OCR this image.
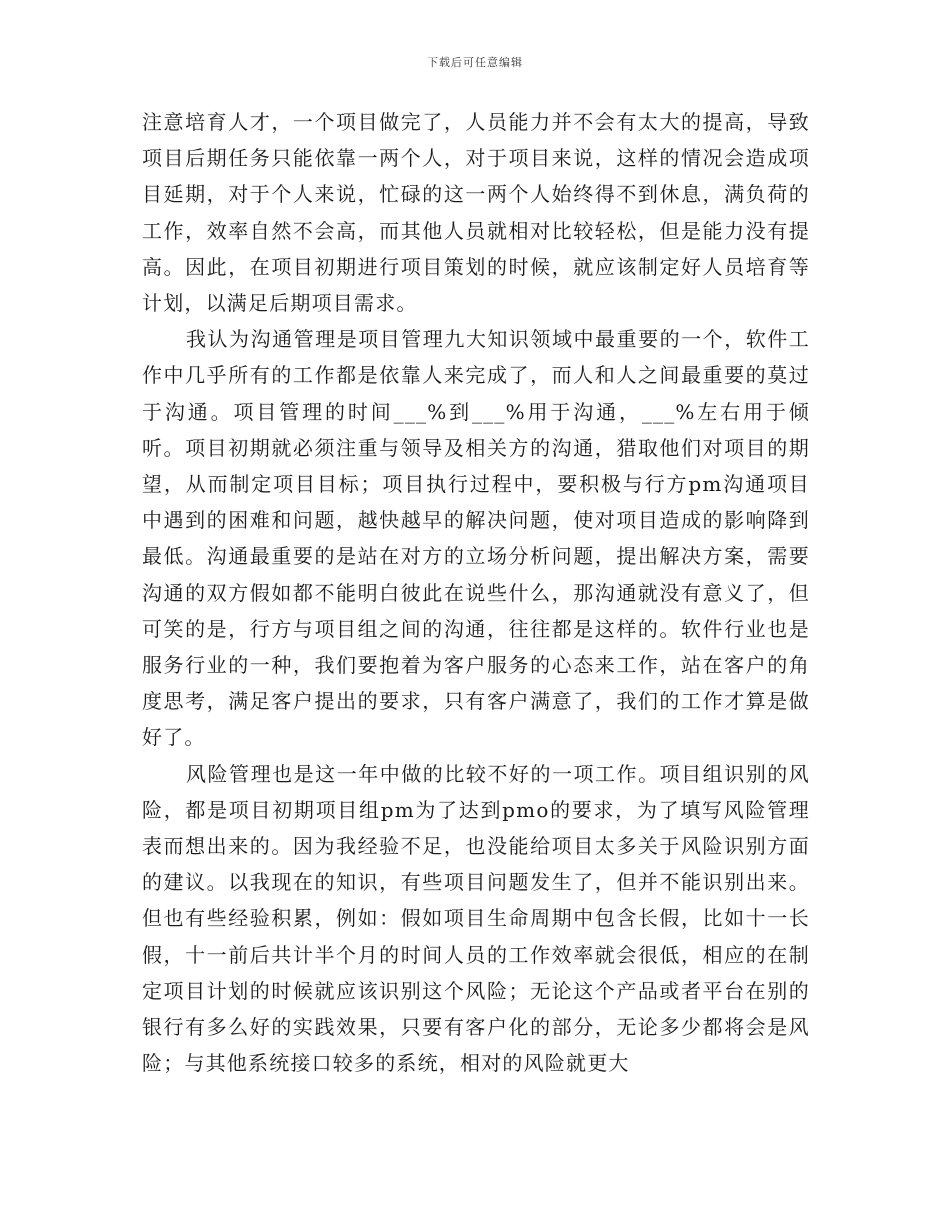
下载后可任意编辑

注意培育人才，一个项目做完了，人员能力并不会有太大的提高，导致项目后期任务只能依靠一两个人，对于项目来说，这样的情况会造成项目延期，对于个人来说，忙碌的这一两个人始终得不到休息，满负荷的工作，效率自然不会高，而其他人员就相对比较轻松，但是能力没有提高。因此，在项目初期进行项目策划的时候，就应该制定好人员培育等计划，以满足后期项目需求。

我认为沟通管理是项目管理九大知识领域中最重要的一个，软件工作中几乎所有的工作都是依靠人来完成了，而人和人之间最重要的莫过于沟通。项目管理的时间___%到___%用于沟通，___%左右用于倾听。项目初期就必须注重与领导及相关方的沟通，猎取他们对项目的期望，从而制定项目目标；项目执行过程中，要积极与行方pm沟通项目中遇到的困难和问题，越快越早的解决问题，使对项目造成的影响降到最低。沟通最重要的是站在对方的立场分析问题，提出解决方案，需要沟通的双方假如都不能明白彼此在说些什么，那沟通就没有意义了，但可笑的是，行方与项目组之间的沟通，往往都是这样的。软件行业也是服务行业的一种，我们要抱着为客户服务的心态来工作，站在客户的角度思考，满足客户提出的要求，只有客户满意了，我们的工作才算是做好了。

风险管理也是这一年中做的比较不好的一项工作。项目组识别的风险，都是项目初期项目组pm为了达到pmo的要求，为了填写风险管理表而想出来的。因为我经验不足，也没能给项目太多关于风险识别方面的建议。以我现在的知识，有些项目问题发生了，但并不能识别出来。但也有些经验积累，例如：假如项目生命周期中包含长假，比如十一长假，十一前后共计半个月的时间人员的工作效率就会很低，相应的在制定项目计划的时候就应该识别这个风险；无论这个产品或者平台在别的银行有多么好的实践效果，只要有客户化的部分，无论多少都将会是风险；与其他系统接口较多的系统，相对的风险就更大
